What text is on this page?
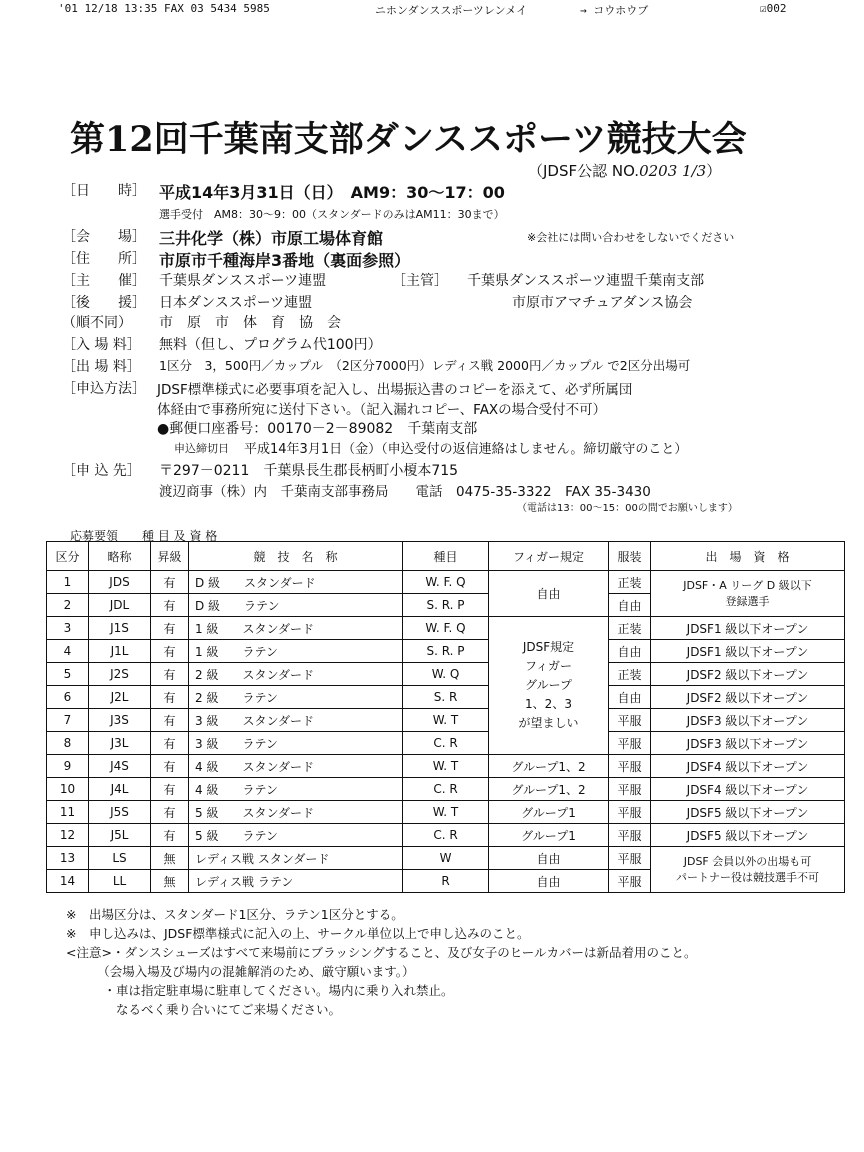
'01 12/18 13:35 FAX 03 5434 5985	ニホンダンススポーツレンメイ	→ コウホウブ	☑002
第12回千葉南支部ダンススポーツ競技大会
（JDSF公認 NO.0203 1/3）
［日　　時］ 平成14年3月31日（日）　AM9：30～17：00
選手受付　AM8：30～9：00（スタンダードのみはAM11：30まで）
［会　　場］ 三井化学（株）市原工場体育館	※会社には問い合わせをしないでください
［住　　所］ 市原市千種海岸3番地（裏面参照）
［主　　催］ 千葉県ダンススポーツ連盟	［主管］ 千葉県ダンススポーツ連盟千葉南支部
［後　　援］ 日本ダンススポーツ連盟	市原市アマチュアダンス協会
（順不同） 市　原　市　体　育　協　会
［入 場 料］ 無料（但し、プログラム代100円）
［出 場 料］ 1区分　3，500円／カップル　（2区分7000円）レディス戦 2000円／カップル で2区分出場可
［申込方法］ JDSF標準様式に必要事項を記入し、出場振込書のコピーを添えて、必ず所属団
体経由で事務所宛に送付下さい。（記入漏れコピー、FAXの場合受付不可）
●郵便口座番号：00170－2－89082　千葉南支部
申込締切日 平成14年3月1日（金）（申込受付の返信連絡はしません。締切厳守のこと）
［申 込 先］ 〒297－0211　千葉県長生郡長柄町小榎本715
渡辺商事（株）内　千葉南支部事務局　　電話　0475-35-3322　FAX 35-3430
（電話は13：00～15：00の間でお願いします）
応募要領　　種 目 及 資 格
区分	略称	昇級	競　技　名　称	種目	フィガー規定	服装	出　場　資　格
1	JDS	有	D 級　　スタンダード	W. F. Q	自由	正装	JDSF・A リーグ D 級以下
登録選手

2	JDL	有	D 級　　ラテン	S. R. P		自由	
3	J1S	有	1 級　　スタンダード	W. F. Q	JDSF規定
フィガー
グループ
1、2、3
が望ましい	正装	JDSF1 級以下オープン
4	J1L	有	1 級　　ラテン	S. R. P		自由	JDSF1 級以下オープン
5	J2S	有	2 級　　スタンダード	W. Q		正装	JDSF2 級以下オープン
6	J2L	有	2 級　　ラテン	S. R		自由	JDSF2 級以下オープン
7	J3S	有	3 級　　スタンダード	W. T		平服	JDSF3 級以下オープン
8	J3L	有	3 級　　ラテン	C. R		平服	JDSF3 級以下オープン
9	J4S	有	4 級　　スタンダード	W. T	グループ1、2	平服	JDSF4 級以下オープン
10	J4L	有	4 級　　ラテン	C. R	グループ1、2	平服	JDSF4 級以下オープン
11	J5S	有	5 級　　スタンダード	W. T	グループ1	平服	JDSF5 級以下オープン
12	J5L	有	5 級　　ラテン	C. R	グループ1	平服	JDSF5 級以下オープン
13	LS	無	レディス戦 スタンダード	W	自由	平服	JDSF 会員以外の出場も可
パートナー役は競技選手不可

14	LL	無	レディス戦 ラテン	R	自由	平服	
※　出場区分は、スタンダード1区分、ラテン1区分とする。
※　申し込みは、JDSF標準様式に記入の上、サークル単位以上で申し込みのこと。
<注意>・ダンスシューズはすべて来場前にブラッシングすること、及び女子のヒールカバーは新品着用のこと。
　　　（会場入場及び場内の混雑解消のため、厳守願います。）
　　　・車は指定駐車場に駐車してください。場内に乗り入れ禁止。
　　　　なるべく乗り合いにてご来場ください。
